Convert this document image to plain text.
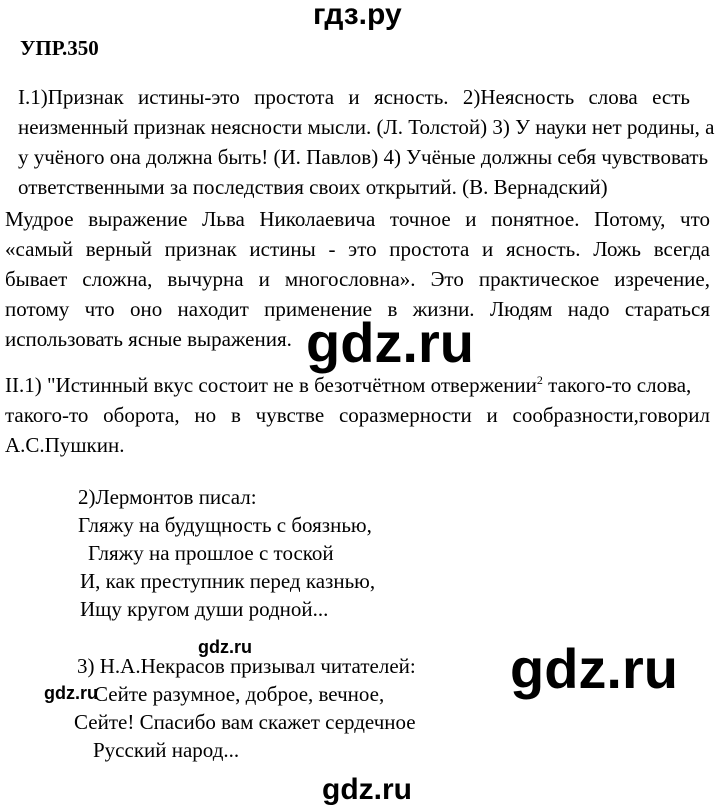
гдз.ру
gdz.ru
gdz.ru
gdz.ru	gdz.ru
gdz.ru
УПР.350
I.1)Признак истины-это простота и ясность. 2)Неясность слова есть
неизменный признак неясности мысли. (Л. Толстой) 3) У науки нет родины, а
у учёного она должна быть! (И. Павлов) 4) Учёные должны себя чувствовать
ответственными за последствия своих открытий. (В. Вернадский)
Мудрое выражение Льва Николаевича точное и понятное. Потому, что
«самый верный признак истины - это простота и ясность. Ложь всегда
бывает сложна, вычурна и многословна». Это практическое изречение,
потому что оно находит применение в жизни. Людям надо стараться
использовать ясные выражения.
II.1) "Истинный вкус состоит не в безотчётном отвержении$^2$ такого-то слова,
такого-то оборота, но в чувстве соразмерности и сообразности,говорил
А.С.Пушкин.
2)Лермонтов писал:
Гляжу на будущность с боязнью,
Гляжу на прошлое с тоской
И, как преступник перед казнью,
Ищу кругом души родной...
3) Н.А.Некрасов призывал читателей:
Сейте разумное, доброе, вечное,
Сейте! Спасибо вам скажет сердечное
Русский народ...
